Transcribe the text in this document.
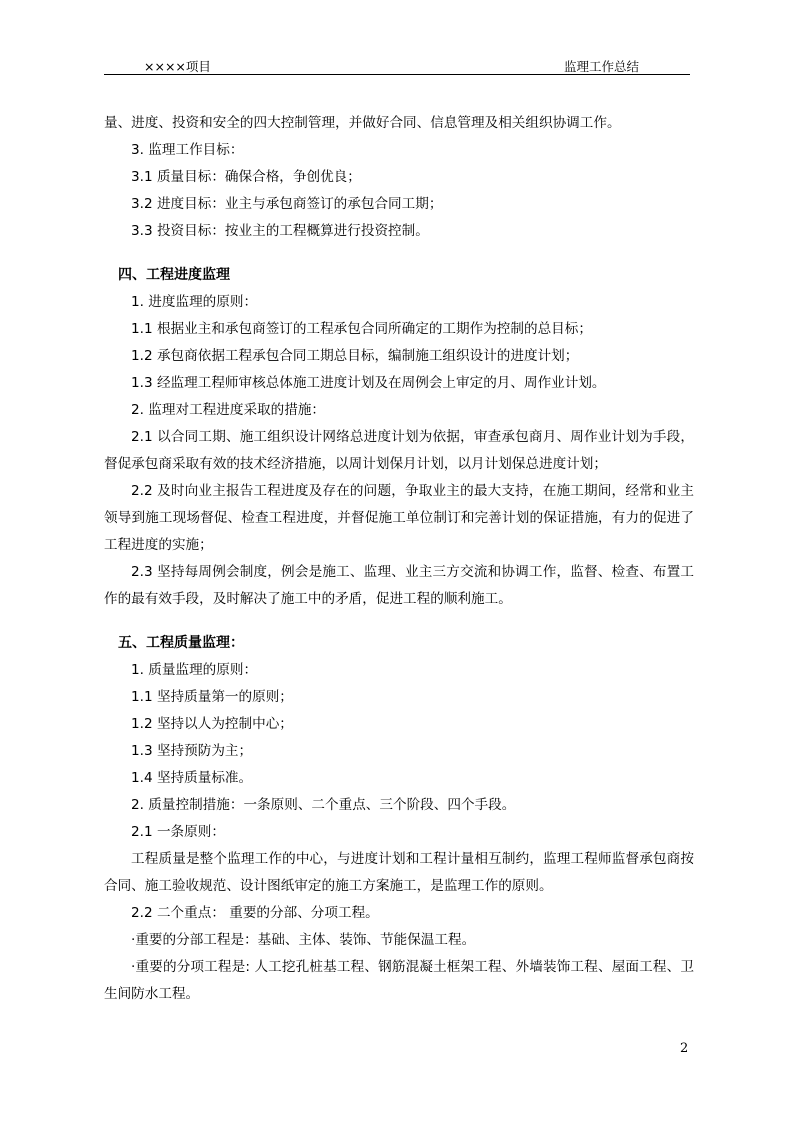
××××项目	监理工作总结

量、进度、投资和安全的四大控制管理，并做好合同、信息管理及相关组织协调工作。

3. 监理工作目标：

3.1 质量目标：确保合格，争创优良；

3.2 进度目标：业主与承包商签订的承包合同工期；

3.3 投资目标：按业主的工程概算进行投资控制。

四、工程进度监理

1. 进度监理的原则：

1.1 根据业主和承包商签订的工程承包合同所确定的工期作为控制的总目标；

1.2 承包商依据工程承包合同工期总目标，编制施工组织设计的进度计划；

1.3 经监理工程师审核总体施工进度计划及在周例会上审定的月、周作业计划。

2. 监理对工程进度采取的措施：

2.1 以合同工期、施工组织设计网络总进度计划为依据，审查承包商月、周作业计划为手段，督促承包商采取有效的技术经济措施，以周计划保月计划，以月计划保总进度计划；

2.2 及时向业主报告工程进度及存在的问题，争取业主的最大支持，在施工期间，经常和业主领导到施工现场督促、检查工程进度，并督促施工单位制订和完善计划的保证措施，有力的促进了工程进度的实施；

2.3 坚持每周例会制度，例会是施工、监理、业主三方交流和协调工作，监督、检查、布置工作的最有效手段，及时解决了施工中的矛盾，促进工程的顺利施工。

五、工程质量监理：

1. 质量监理的原则：

1.1 坚持质量第一的原则；

1.2 坚持以人为控制中心；

1.3 坚持预防为主；

1.4 坚持质量标准。

2. 质量控制措施：一条原则、二个重点、三个阶段、四个手段。

2.1 一条原则：

工程质量是整个监理工作的中心，与进度计划和工程计量相互制约，监理工程师监督承包商按合同、施工验收规范、设计图纸审定的施工方案施工，是监理工作的原则。

2.2 二个重点： 重要的分部、分项工程。

·重要的分部工程是：基础、主体、装饰、节能保温工程。

·重要的分项工程是: 人工挖孔桩基工程、钢筋混凝土框架工程、外墙装饰工程、屋面工程、卫生间防水工程。

2
